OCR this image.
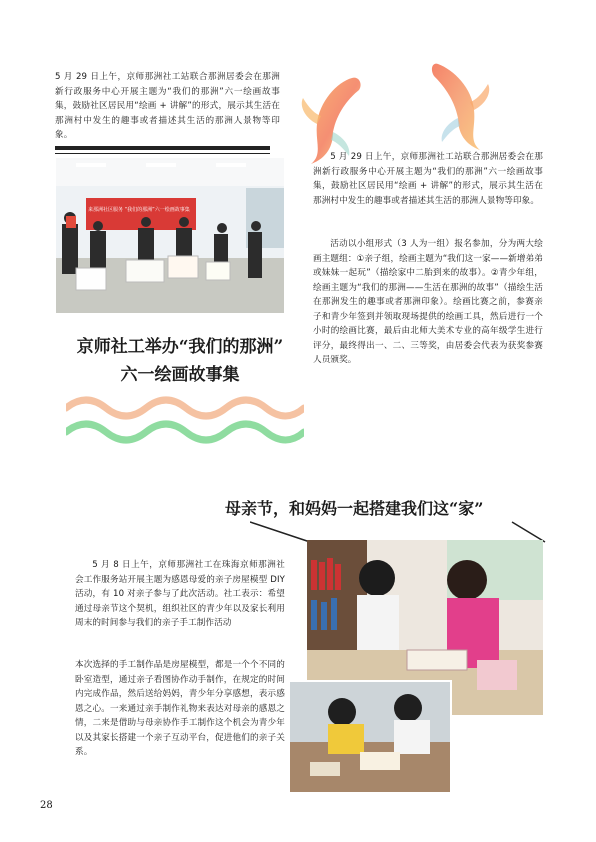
5 月 29 日上午，京师那洲社工站联合那洲居委会在那洲新行政服务中心开展主题为“我们的那洲”六一绘画故事集，鼓励社区居民用“绘画 + 讲解”的形式，展示其生活在那洲村中发生的趣事或者描述其生活的那洲人景物等印象。

5 月 29 日上午，京师那洲社工站联合那洲居委会在那洲新行政服务中心开展主题为“我们的那洲”六一绘画故事集，鼓励社区居民用“绘画 + 讲解”的形式，展示其生活在那洲村中发生的趣事或者描述其生活的那洲人景物等印象。

活动以小组形式（3 人为一组）报名参加，分为两大绘画主题组：①亲子组，绘画主题为“我们这一家——新增弟弟或妹妹一起玩”（描绘家中二胎到来的故事）。②青少年组，绘画主题为“我们的那洲——生活在那洲的故事”（描绘生活在那洲发生的趣事或者那洲印象）。绘画比赛之前，参赛亲子和青少年签到并领取现场提供的绘画工具，然后进行一个小时的绘画比赛，最后由北师大美术专业的高年级学生进行评分，最终得出一、二、三等奖，由居委会代表为获奖参赛人员颁奖。

来那洲社区服务 “我们的那洲”六一绘画故事集

京师社工举办“我们的那洲”
六一绘画故事集

母亲节，和妈妈一起搭建我们这“家”

5 月 8 日上午，京师那洲社工在珠海京师那洲社会工作服务站开展主题为感恩母爱的亲子房屋模型 DIY 活动，有 10 对亲子参与了此次活动。社工表示：希望通过母亲节这个契机，组织社区的青少年以及家长利用周末的时间参与我们的亲子手工制作活动

本次选择的手工制作品是房屋模型，都是一个个不同的卧室造型，通过亲子看图协作动手制作，在规定的时间内完成作品，然后送给妈妈，青少年分享感想，表示感恩之心。一来通过亲手制作礼物来表达对母亲的感恩之情，二来是借助与母亲协作手工制作这个机会为青少年以及其家长搭建一个亲子互动平台，促进他们的亲子关系。

28
